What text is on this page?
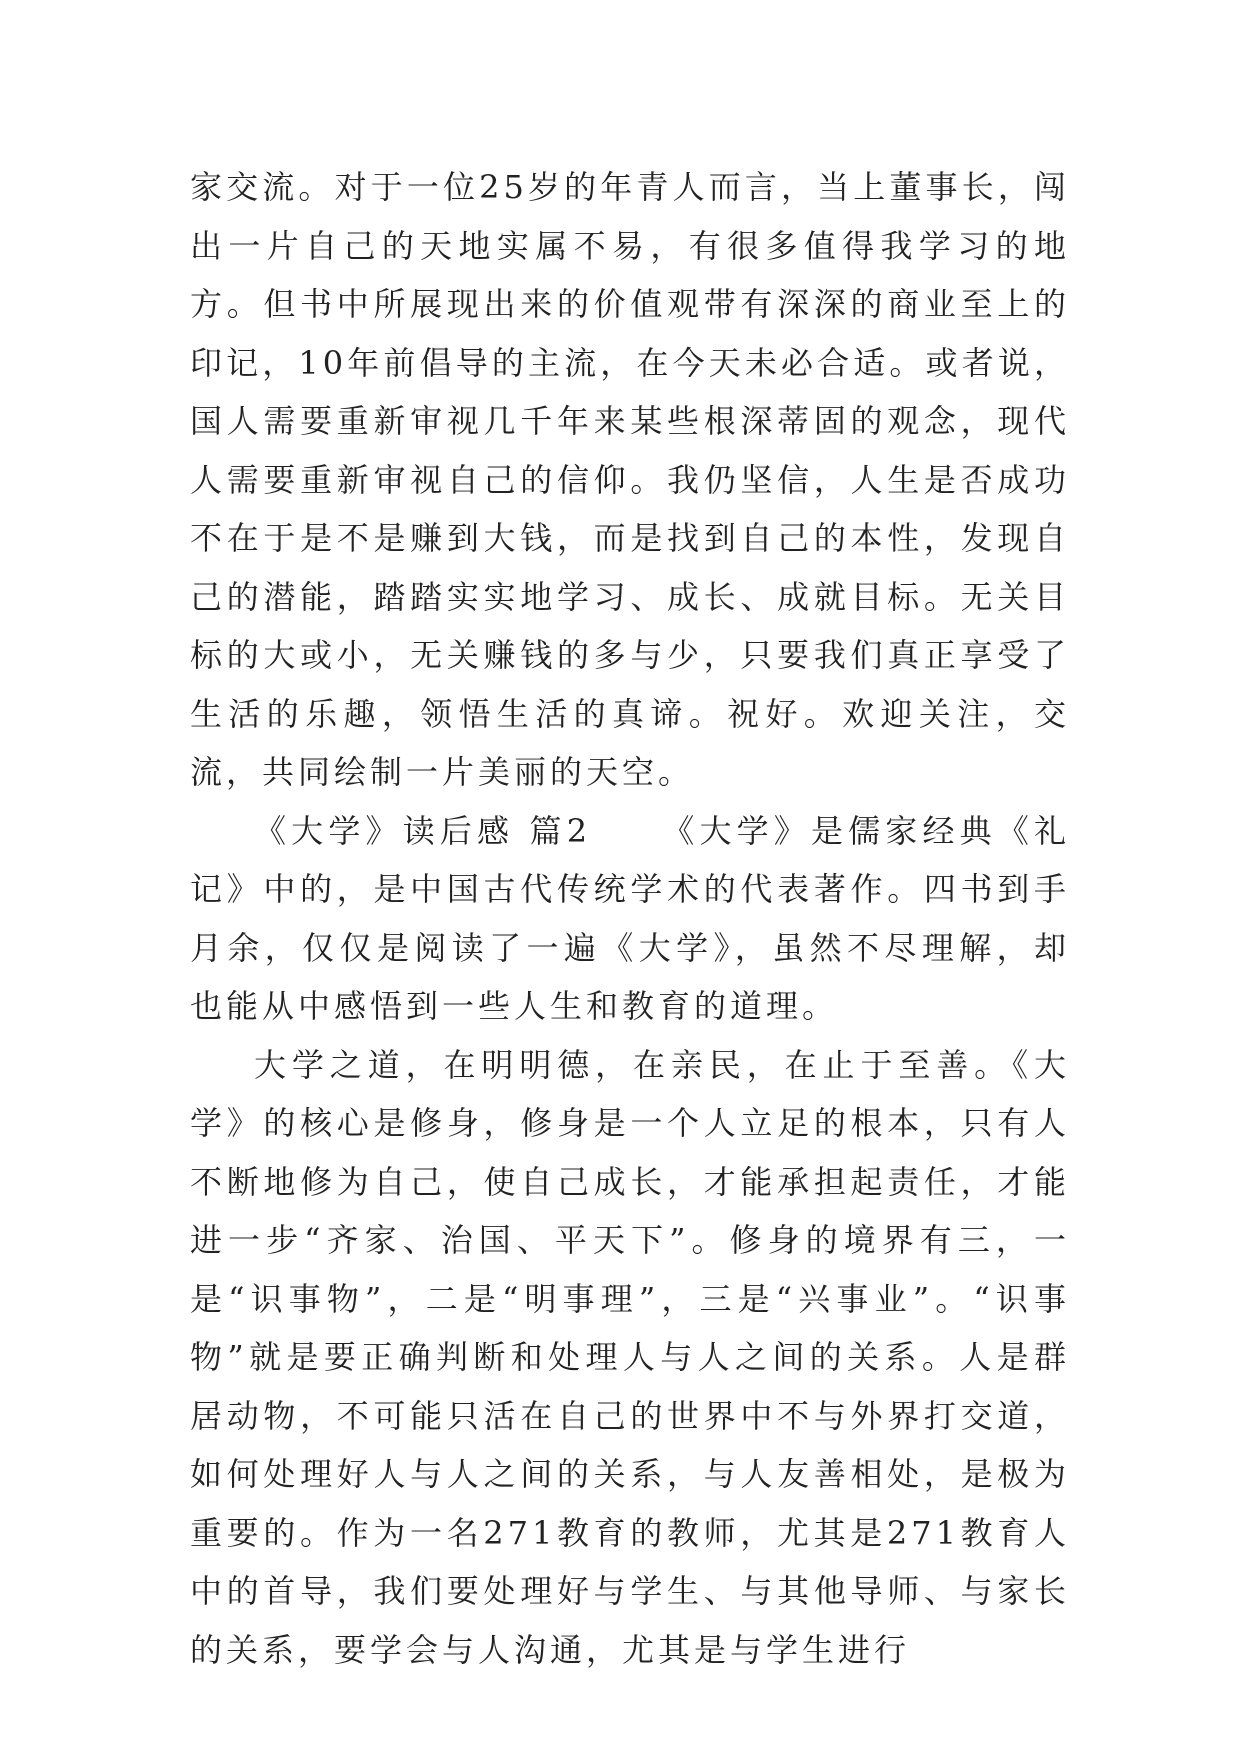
家交流。对于一位25岁的年青人而言，当上董事长，闯出一片自己的天地实属不易，有很多值得我学习的地方。但书中所展现出来的价值观带有深深的商业至上的印记，10年前倡导的主流，在今天未必合适。或者说，国人需要重新审视几千年来某些根深蒂固的观念，现代人需要重新审视自己的信仰。我仍坚信，人生是否成功不在于是不是赚到大钱，而是找到自己的本性，发现自己的潜能，踏踏实实地学习、成长、成就目标。无关目标的大或小，无关赚钱的多与少，只要我们真正享受了生活的乐趣，领悟生活的真谛。祝好。欢迎关注，交流，共同绘制一片美丽的天空。

《大学》读后感 篇2 《大学》是儒家经典《礼记》中的，是中国古代传统学术的代表著作。四书到手月余，仅仅是阅读了一遍《大学》，虽然不尽理解，却也能从中感悟到一些人生和教育的道理。

大学之道，在明明德，在亲民，在止于至善。《大学》的核心是修身，修身是一个人立足的根本，只有人不断地修为自己，使自己成长，才能承担起责任，才能进一步“齐家、治国、平天下”。修身的境界有三，一是“识事物”，二是“明事理”，三是“兴事业”。“识事物”就是要正确判断和处理人与人之间的关系。人是群居动物，不可能只活在自己的世界中不与外界打交道，如何处理好人与人之间的关系，与人友善相处，是极为重要的。作为一名271教育的教师，尤其是271教育人中的首导，我们要处理好与学生、与其他导师、与家长的关系，要学会与人沟通，尤其是与学生进行
